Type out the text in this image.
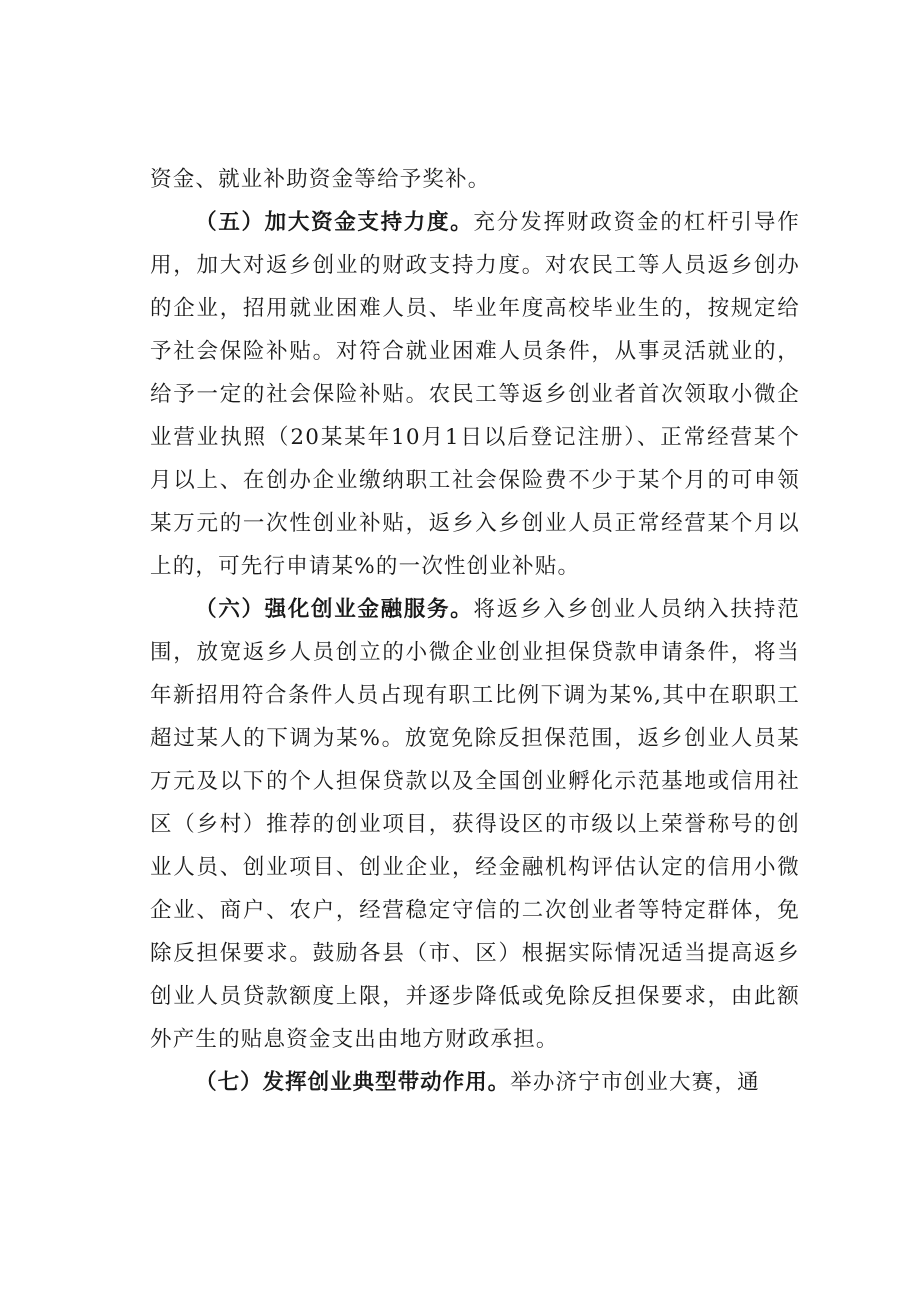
资金、就业补助资金等给予奖补。

（五）加大资金支持力度。充分发挥财政资金的杠杆引导作用，加大对返乡创业的财政支持力度。对农民工等人员返乡创办的企业，招用就业困难人员、毕业年度高校毕业生的，按规定给予社会保险补贴。对符合就业困难人员条件，从事灵活就业的，给予一定的社会保险补贴。农民工等返乡创业者首次领取小微企业营业执照（20某某年10月1日以后登记注册）、正常经营某个月以上、在创办企业缴纳职工社会保险费不少于某个月的可申领某万元的一次性创业补贴，返乡入乡创业人员正常经营某个月以上的，可先行申请某%的一次性创业补贴。

（六）强化创业金融服务。将返乡入乡创业人员纳入扶持范围，放宽返乡人员创立的小微企业创业担保贷款申请条件，将当年新招用符合条件人员占现有职工比例下调为某%,其中在职职工超过某人的下调为某%。放宽免除反担保范围，返乡创业人员某万元及以下的个人担保贷款以及全国创业孵化示范基地或信用社区（乡村）推荐的创业项目，获得设区的市级以上荣誉称号的创业人员、创业项目、创业企业，经金融机构评估认定的信用小微企业、商户、农户，经营稳定守信的二次创业者等特定群体，免除反担保要求。鼓励各县（市、区）根据实际情况适当提高返乡创业人员贷款额度上限，并逐步降低或免除反担保要求，由此额外产生的贴息资金支出由地方财政承担。

（七）发挥创业典型带动作用。举办济宁市创业大赛，通
